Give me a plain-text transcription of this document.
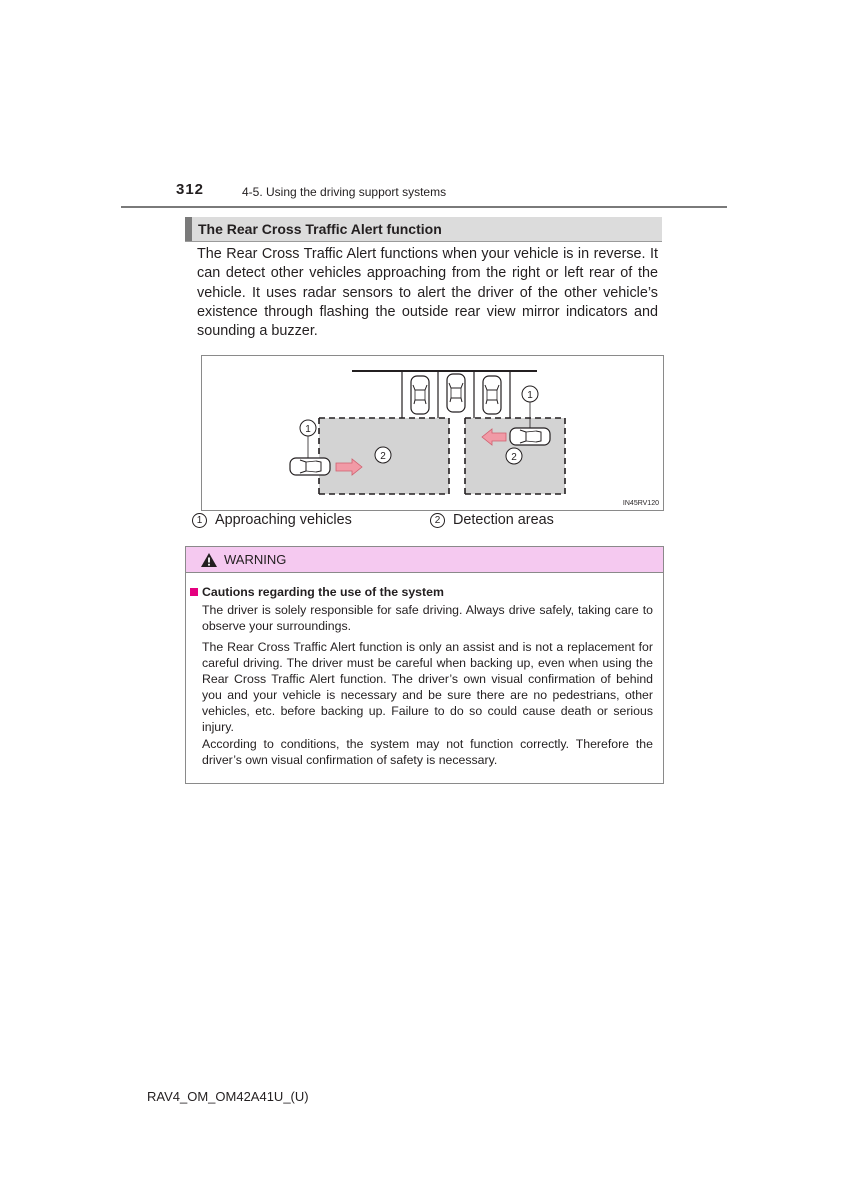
312	4-5. Using the driving support systems
The Rear Cross Traffic Alert function

The Rear Cross Traffic Alert functions when your vehicle is in reverse. It can detect other vehicles approaching from the right or left rear of the vehicle. It uses radar sensors to alert the driver of the other vehicle’s existence through flashing the outside rear view mirror indicators and sounding a buzzer.

1
1
2	2
IN45RV120
1 Approaching vehicles	2 Detection areas
WARNING
Cautions regarding the use of the system

The driver is solely responsible for safe driving. Always drive safely, taking care to observe your surroundings.

The Rear Cross Traffic Alert function is only an assist and is not a replacement for careful driving. The driver must be careful when backing up, even when using the Rear Cross Traffic Alert function. The driver’s own visual confirmation of behind you and your vehicle is necessary and be sure there are no pedestrians, other vehicles, etc. before backing up. Failure to do so could cause death or serious injury.

According to conditions, the system may not function correctly. Therefore the driver’s own visual confirmation of safety is necessary.

RAV4_OM_OM42A41U_(U)
